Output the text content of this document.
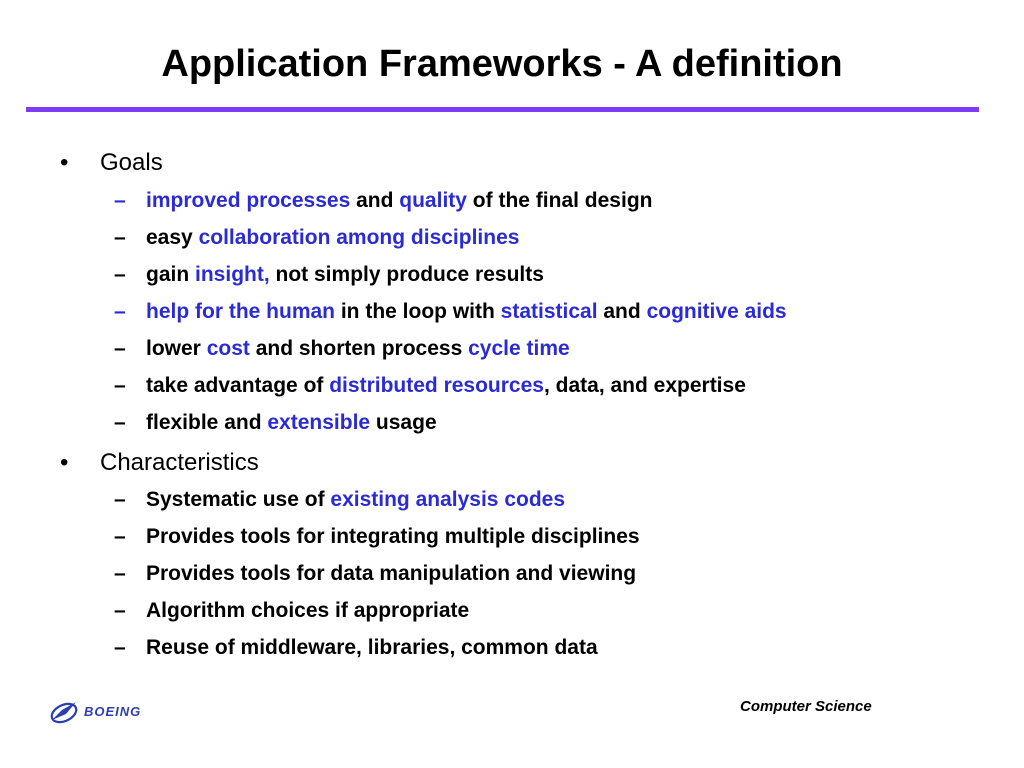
Application Frameworks - A definition
• Goals
– improved processes and quality of the final design
– easy collaboration among disciplines
– gain insight, not simply produce results
– help for the human in the loop with statistical and cognitive aids
– lower cost and shorten process cycle time
– take advantage of distributed resources, data, and expertise
– flexible and extensible usage
• Characteristics
– Systematic use of existing analysis codes
– Provides tools for integrating multiple disciplines
– Provides tools for data manipulation and viewing
– Algorithm choices if appropriate
– Reuse of middleware, libraries, common data
BOEING	Computer Science
